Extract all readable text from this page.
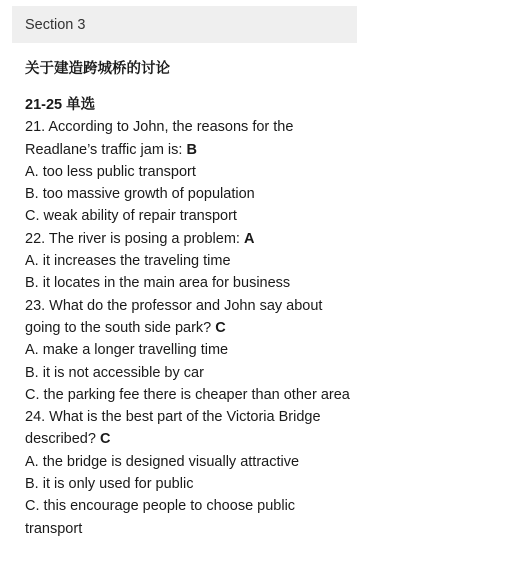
Section 3
关于建造跨城桥的讨论
21-25 单选

21. According to John, the reasons for the Readlane’s traffic jam is: B

A. too less public transport

B. too massive growth of population

C. weak ability of repair transport

22. The river is posing a problem: A

A. it increases the traveling time

B. it locates in the main area for business

23. What do the professor and John say about going to the south side park? C

A. make a longer travelling time

B. it is not accessible by car

C. the parking fee there is cheaper than other area

24. What is the best part of the Victoria Bridge described? C

A. the bridge is designed visually attractive

B. it is only used for public

C. this encourage people to choose public transport
